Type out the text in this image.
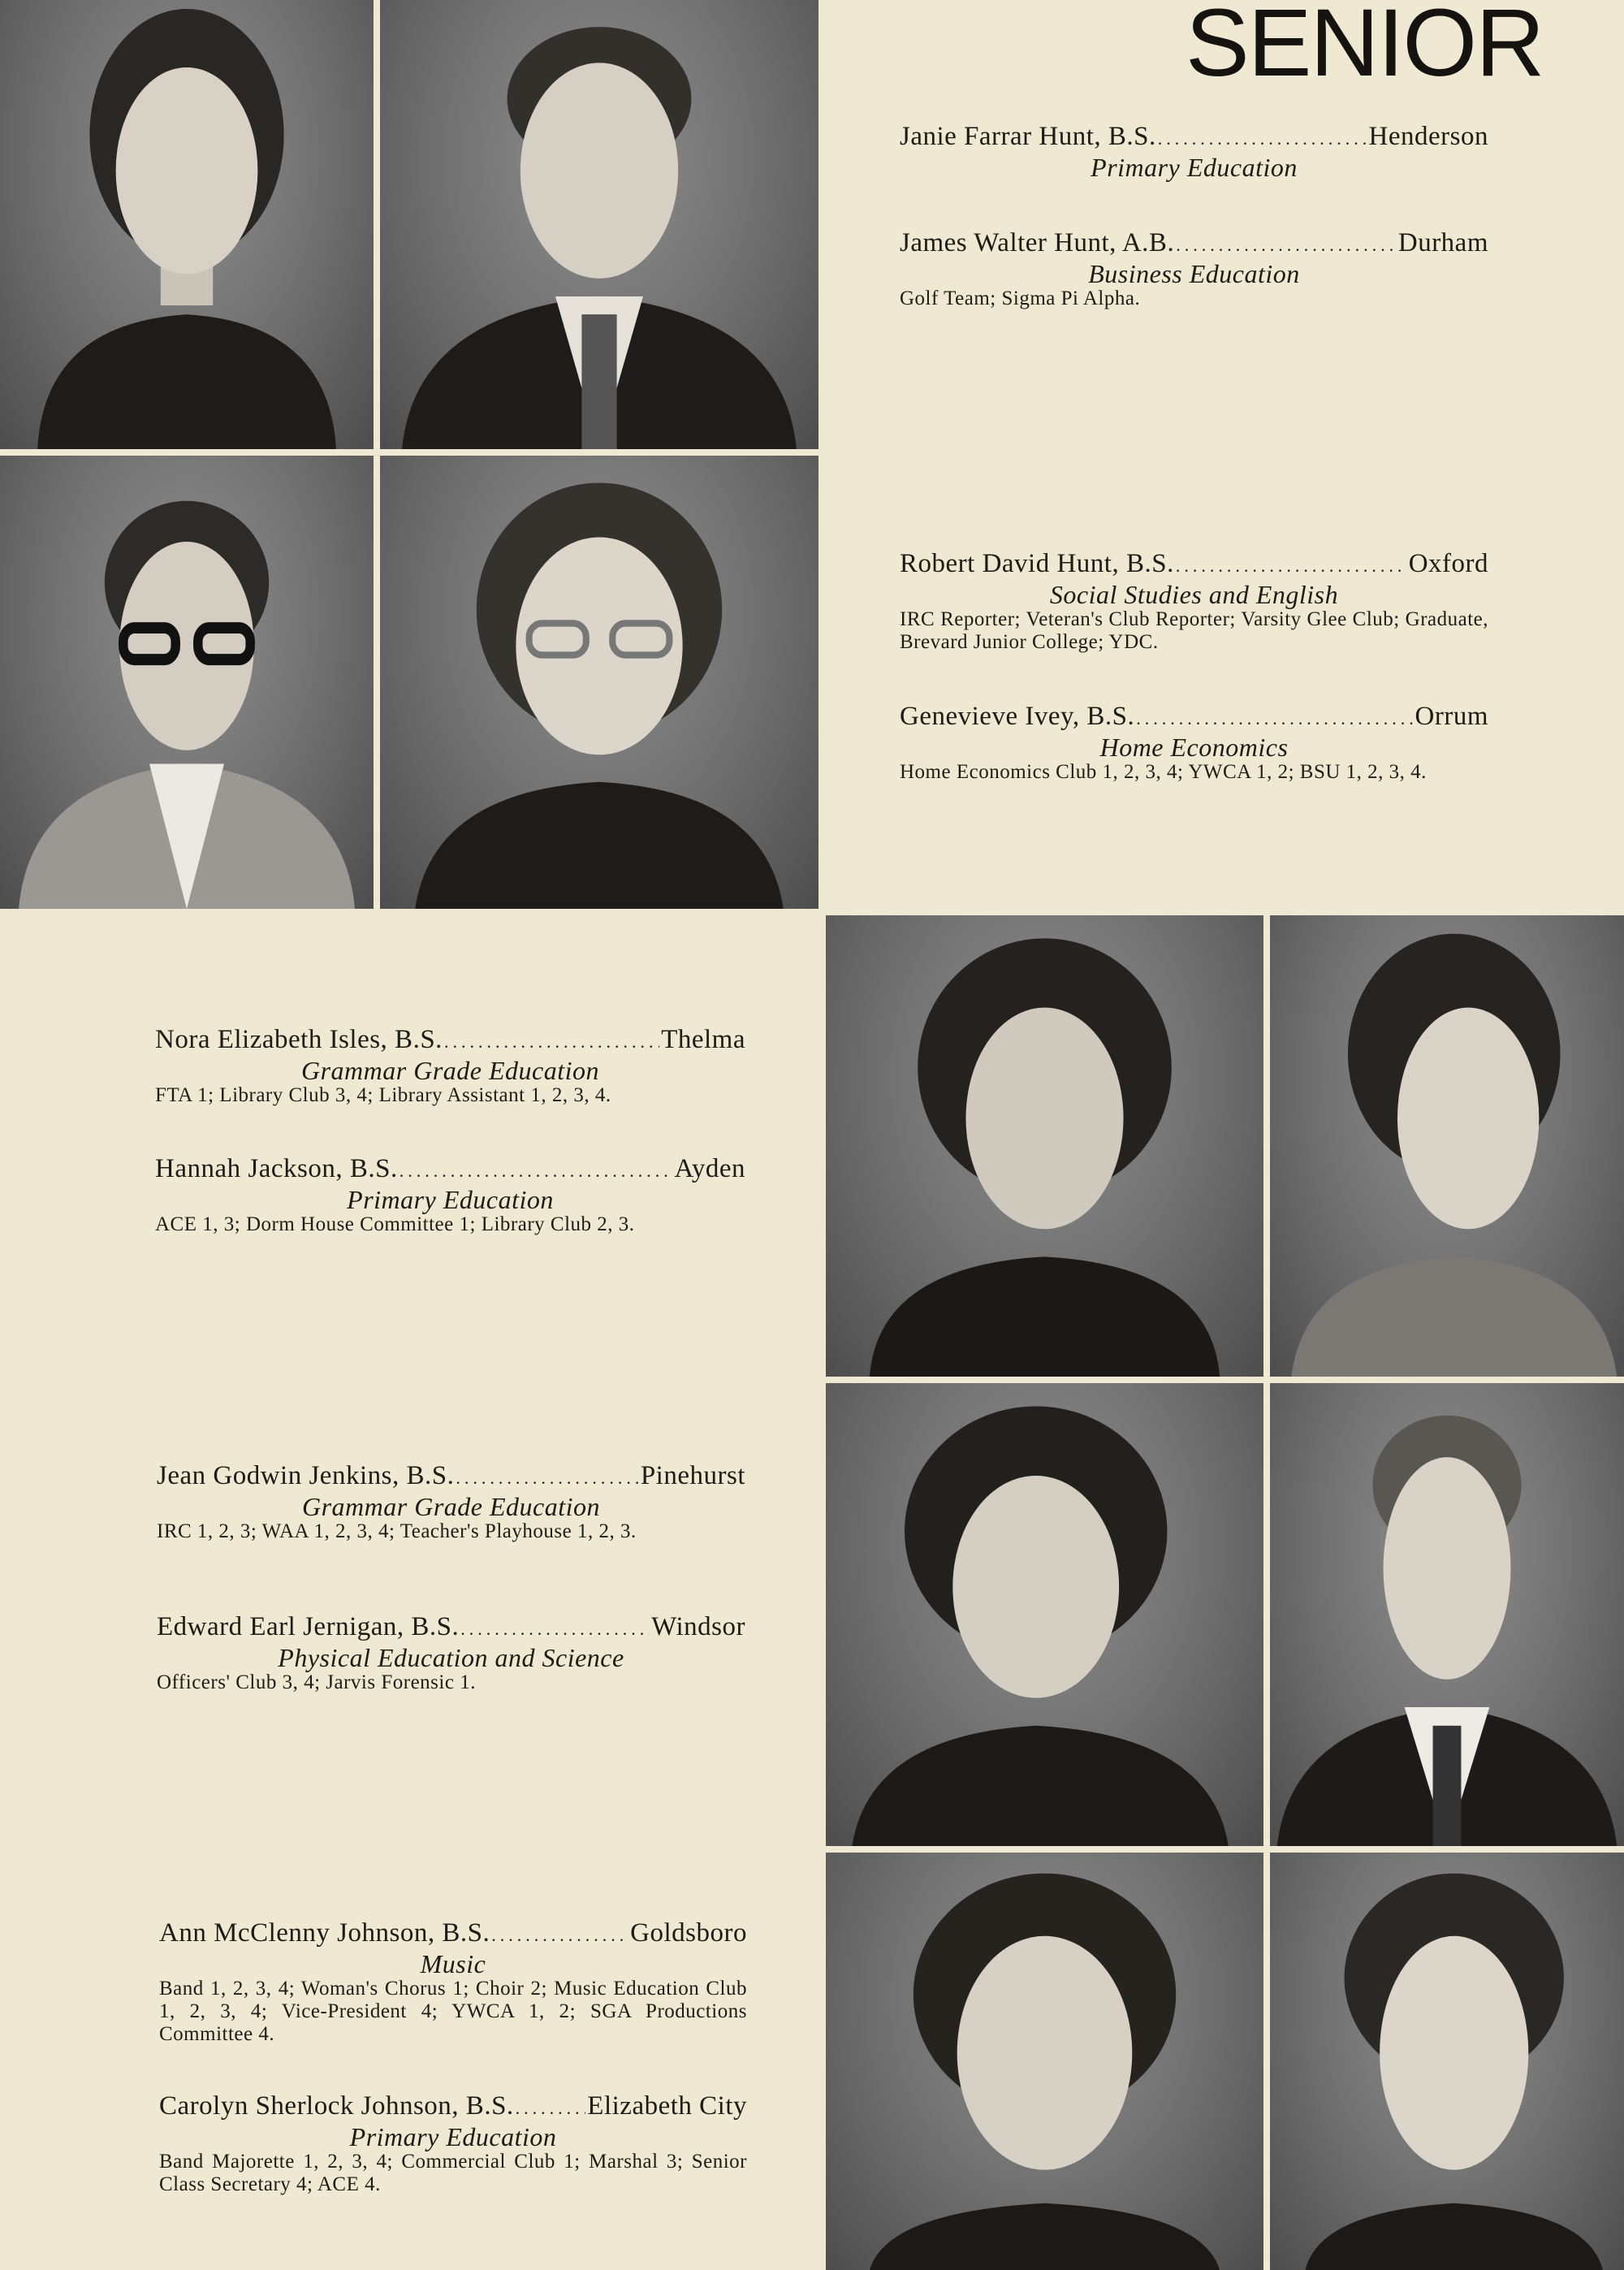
SENIOR
Janie Farrar Hunt, B.S. .....	Henderson
Primary Education
James Walter Hunt, A.B. .....	Durham
Business Education
Golf Team; Sigma Pi Alpha.
Robert David Hunt, B.S. .....	Oxford
Social Studies and English
IRC Reporter; Veteran's Club Reporter; Varsity Glee Club; Graduate, Brevard Junior College; YDC.
Genevieve Ivey, B.S. .....	Orrum
Home Economics
Home Economics Club 1, 2, 3, 4; YWCA 1, 2; BSU 1, 2, 3, 4.
Nora Elizabeth Isles, B.S. .....	Thelma
Grammar Grade Education
FTA 1; Library Club 3, 4; Library Assistant 1, 2, 3, 4.
Hannah Jackson, B.S. .....	Ayden
Primary Education
ACE 1, 3; Dorm House Committee 1; Library Club 2, 3.
Jean Godwin Jenkins, B.S. .....	Pinehurst
Grammar Grade Education
IRC 1, 2, 3; WAA 1, 2, 3, 4; Teacher's Playhouse 1, 2, 3.
Edward Earl Jernigan, B.S. .....	Windsor
Physical Education and Science
Officers' Club 3, 4; Jarvis Forensic 1.
Ann McClenny Johnson, B.S. .....	Goldsboro
Music
Band 1, 2, 3, 4; Woman's Chorus 1; Choir 2; Music Education Club 1, 2, 3, 4; Vice-President 4; YWCA 1, 2; SGA Productions Committee 4.
Carolyn Sherlock Johnson, B.S. .....	Elizabeth City
Primary Education
Band Majorette 1, 2, 3, 4; Commercial Club 1; Marshal 3; Senior Class Secretary 4; ACE 4.
